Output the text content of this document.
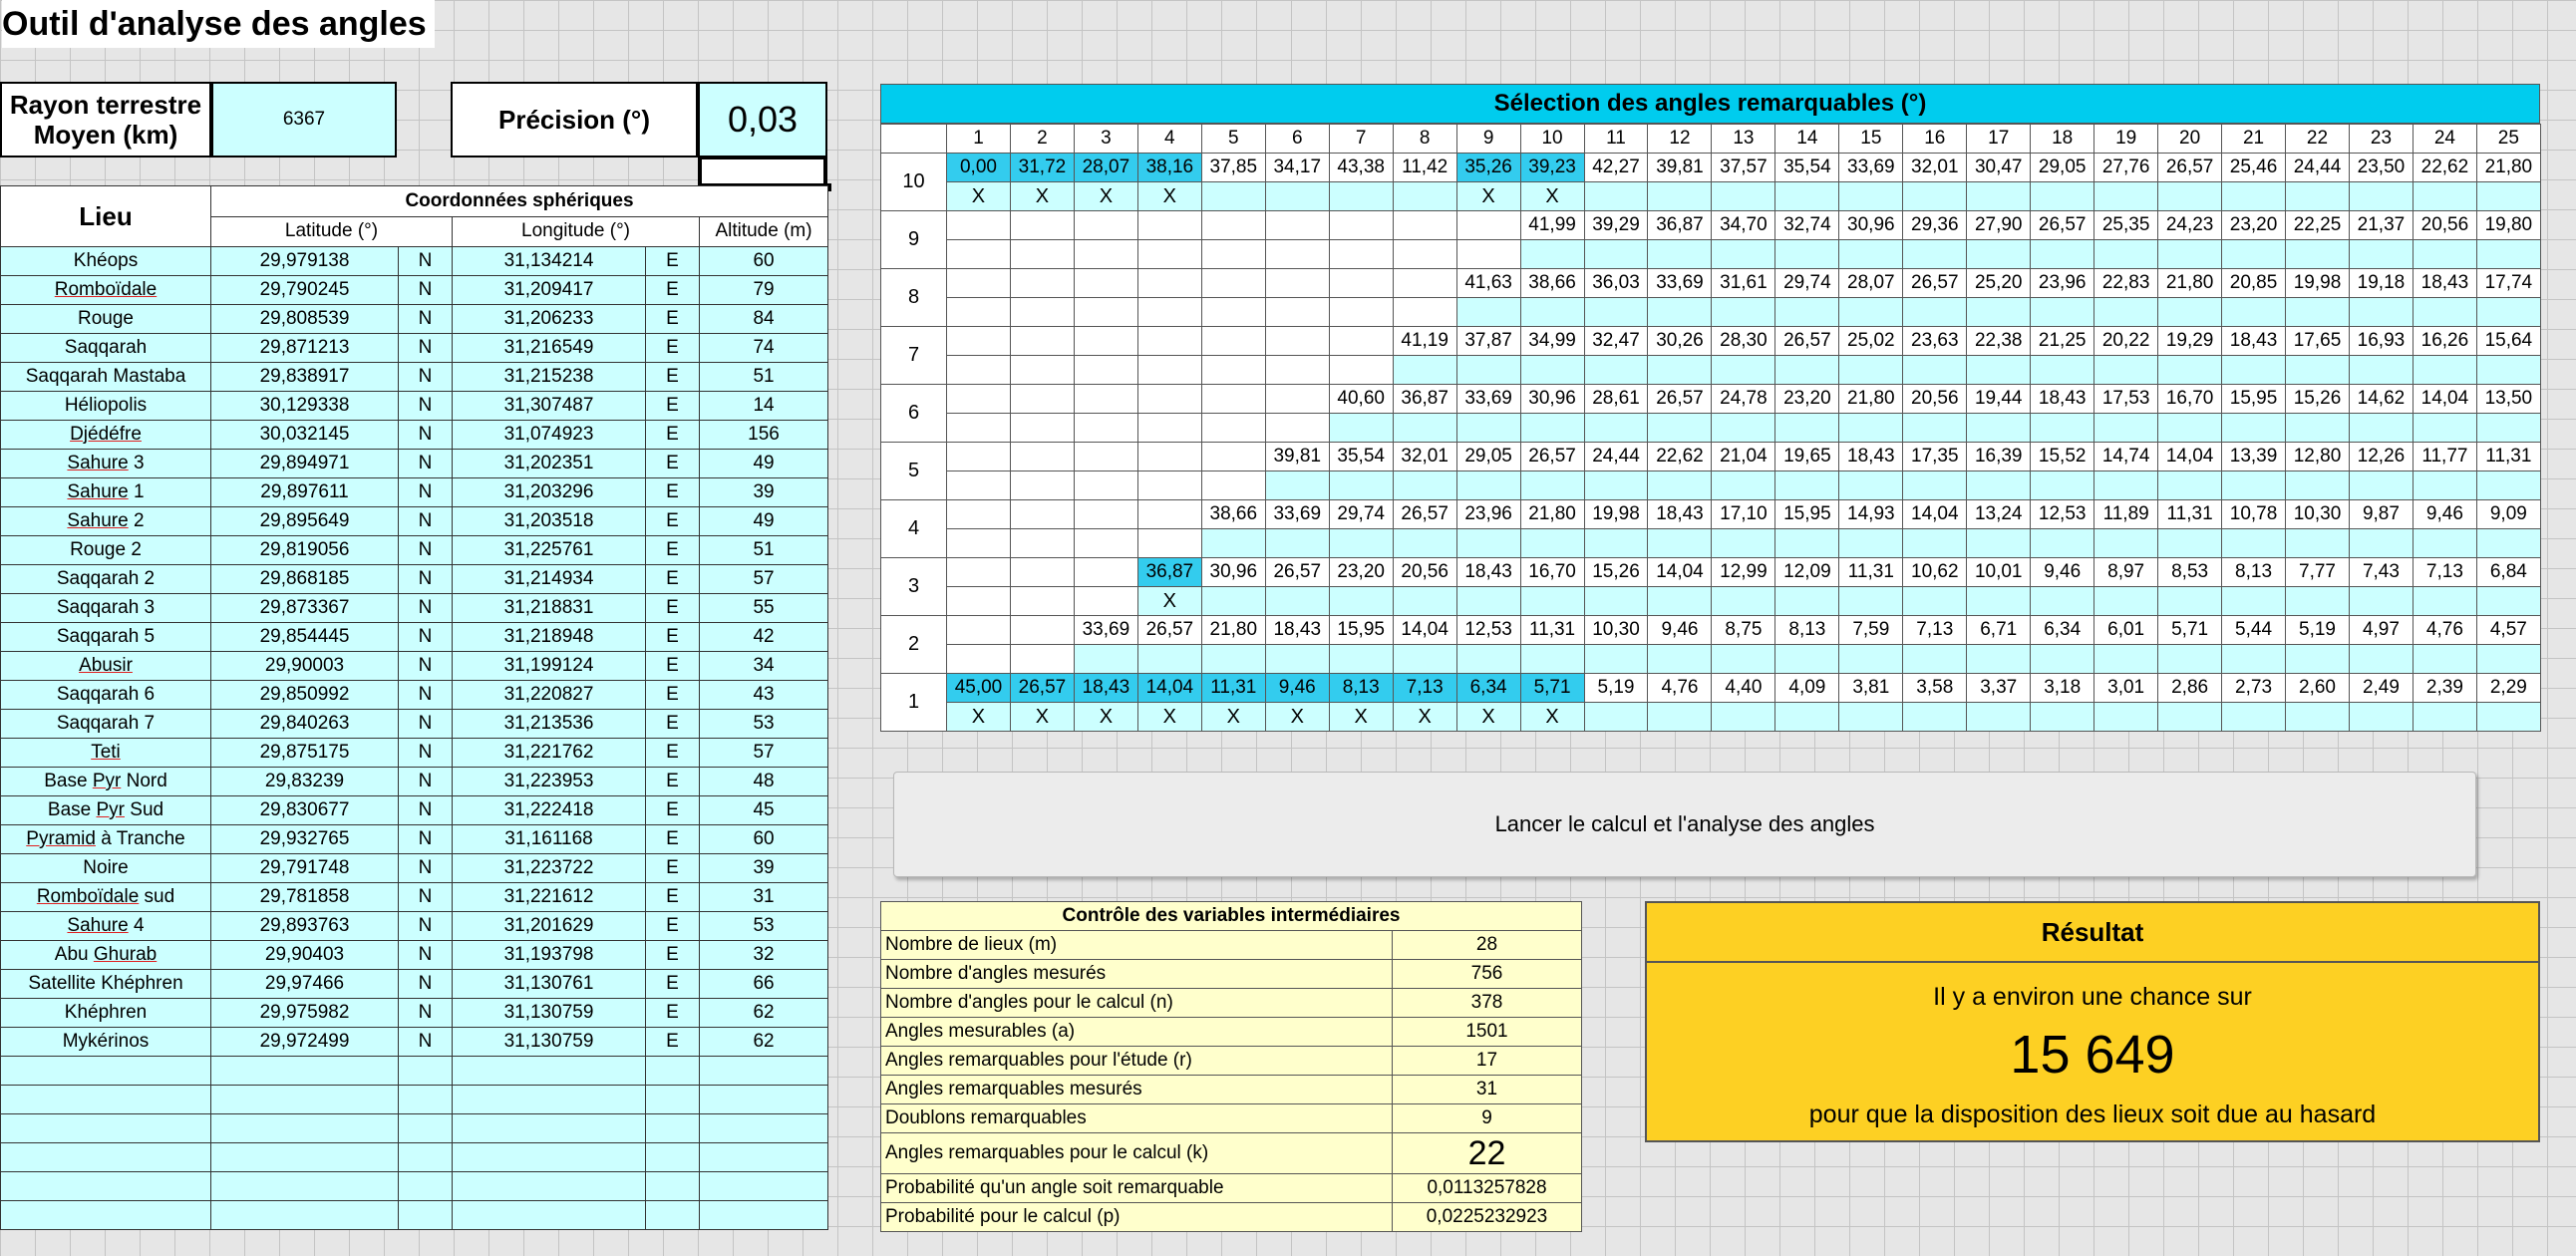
Outil d'analyse des angles
Rayon terrestre
Moyen (km)
6367	Précision (°)	0,03
Lieu	Coordonnées sphériques				
	Latitude (°)		Longitude (°)		Altitude (m)
Khéops	29,979138	N	31,134214	E	60
Romboïdale	29,790245	N	31,209417	E	79
Rouge	29,808539	N	31,206233	E	84
Saqqarah	29,871213	N	31,216549	E	74
Saqqarah Mastaba	29,838917	N	31,215238	E	51
Héliopolis	30,129338	N	31,307487	E	14
Djédéfre	30,032145	N	31,074923	E	156
Sahure 3	29,894971	N	31,202351	E	49
Sahure 1	29,897611	N	31,203296	E	39
Sahure 2	29,895649	N	31,203518	E	49
Rouge 2	29,819056	N	31,225761	E	51
Saqqarah 2	29,868185	N	31,214934	E	57
Saqqarah 3	29,873367	N	31,218831	E	55
Saqqarah 5	29,854445	N	31,218948	E	42
Abusir	29,90003	N	31,199124	E	34
Saqqarah 6	29,850992	N	31,220827	E	43
Saqqarah 7	29,840263	N	31,213536	E	53
Teti	29,875175	N	31,221762	E	57
Base Pyr Nord	29,83239	N	31,223953	E	48
Base Pyr Sud	29,830677	N	31,222418	E	45
Pyramid à Tranche	29,932765	N	31,161168	E	60
Noire	29,791748	N	31,223722	E	39
Romboïdale sud	29,781858	N	31,221612	E	31
Sahure 4	29,893763	N	31,201629	E	53
Abu Ghurab	29,90403	N	31,193798	E	32
Satellite Khéphren	29,97466	N	31,130761	E	66
Khéphren	29,975982	N	31,130759	E	62
Mykérinos	29,972499	N	31,130759	E	62

Sélection des angles remarquables (°)
	1	2	3	4	5	6	7	8	9	10	11	12	13	14	15	16	17	18	19	20	21	22	23	24	25
10	0,00	31,72	28,07	38,16	37,85	34,17	43,38	11,42	35,26	39,23	42,27	39,81	37,57	35,54	33,69	32,01	30,47	29,05	27,76	26,57	25,46	24,44	23,50	22,62	21,80
	X	X	X	X					X	X															
9										41,99	39,29	36,87	34,70	32,74	30,96	29,36	27,90	26,57	25,35	24,23	23,20	22,25	21,37	20,56	19,80

8									41,63	38,66	36,03	33,69	31,61	29,74	28,07	26,57	25,20	23,96	22,83	21,80	20,85	19,98	19,18	18,43	17,74

7								41,19	37,87	34,99	32,47	30,26	28,30	26,57	25,02	23,63	22,38	21,25	20,22	19,29	18,43	17,65	16,93	16,26	15,64

6							40,60	36,87	33,69	30,96	28,61	26,57	24,78	23,20	21,80	20,56	19,44	18,43	17,53	16,70	15,95	15,26	14,62	14,04	13,50

5						39,81	35,54	32,01	29,05	26,57	24,44	22,62	21,04	19,65	18,43	17,35	16,39	15,52	14,74	14,04	13,39	12,80	12,26	11,77	11,31

4					38,66	33,69	29,74	26,57	23,96	21,80	19,98	18,43	17,10	15,95	14,93	14,04	13,24	12,53	11,89	11,31	10,78	10,30	9,87	9,46	9,09

3				36,87	30,96	26,57	23,20	20,56	18,43	16,70	15,26	14,04	12,99	12,09	11,31	10,62	10,01	9,46	8,97	8,53	8,13	7,77	7,43	7,13	6,84
				X																					
2			33,69	26,57	21,80	18,43	15,95	14,04	12,53	11,31	10,30	9,46	8,75	8,13	7,59	7,13	6,71	6,34	6,01	5,71	5,44	5,19	4,97	4,76	4,57

1	45,00	26,57	18,43	14,04	11,31	9,46	8,13	7,13	6,34	5,71	5,19	4,76	4,40	4,09	3,81	3,58	3,37	3,18	3,01	2,86	2,73	2,60	2,49	2,39	2,29
	X	X	X	X	X	X	X	X	X	X															
Lancer le calcul et l'analyse des angles
Contrôle des variables intermédiaires	
Nombre de lieux (m)	28
Nombre d'angles mesurés	756
Nombre d'angles pour le calcul (n)	378
Angles mesurables (a)	1501
Angles remarquables pour l'étude (r)	17
Angles remarquables mesurés	31
Doublons remarquables	9
Angles remarquables pour le calcul (k)	22
Probabilité qu'un angle soit remarquable	0,0113257828
Probabilité pour le calcul (p)	0,0225232923
Résultat
Il y a environ une chance sur
15 649
pour que la disposition des lieux soit due au hasard
